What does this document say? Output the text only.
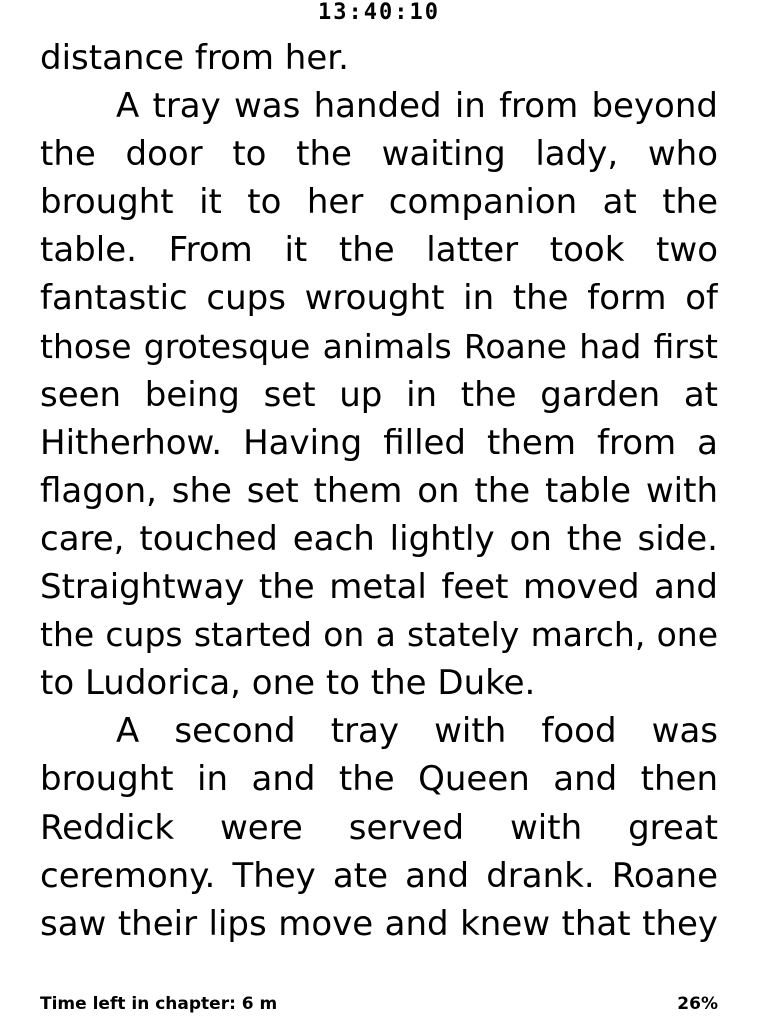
13:40:10
distance from her.
A tray was handed in from beyond
the door to the waiting lady, who
brought it to her companion at the
table. From it the latter took two
fantastic cups wrought in the form of
those grotesque animals Roane had first
seen being set up in the garden at
Hitherhow. Having filled them from a
flagon, she set them on the table with
care, touched each lightly on the side.
Straightway the metal feet moved and
the cups started on a stately march, one
to Ludorica, one to the Duke.
A second tray with food was
brought in and the Queen and then
Reddick were served with great
ceremony. They ate and drank. Roane
saw their lips move and knew that they
Time left in chapter: 6 m	26%
